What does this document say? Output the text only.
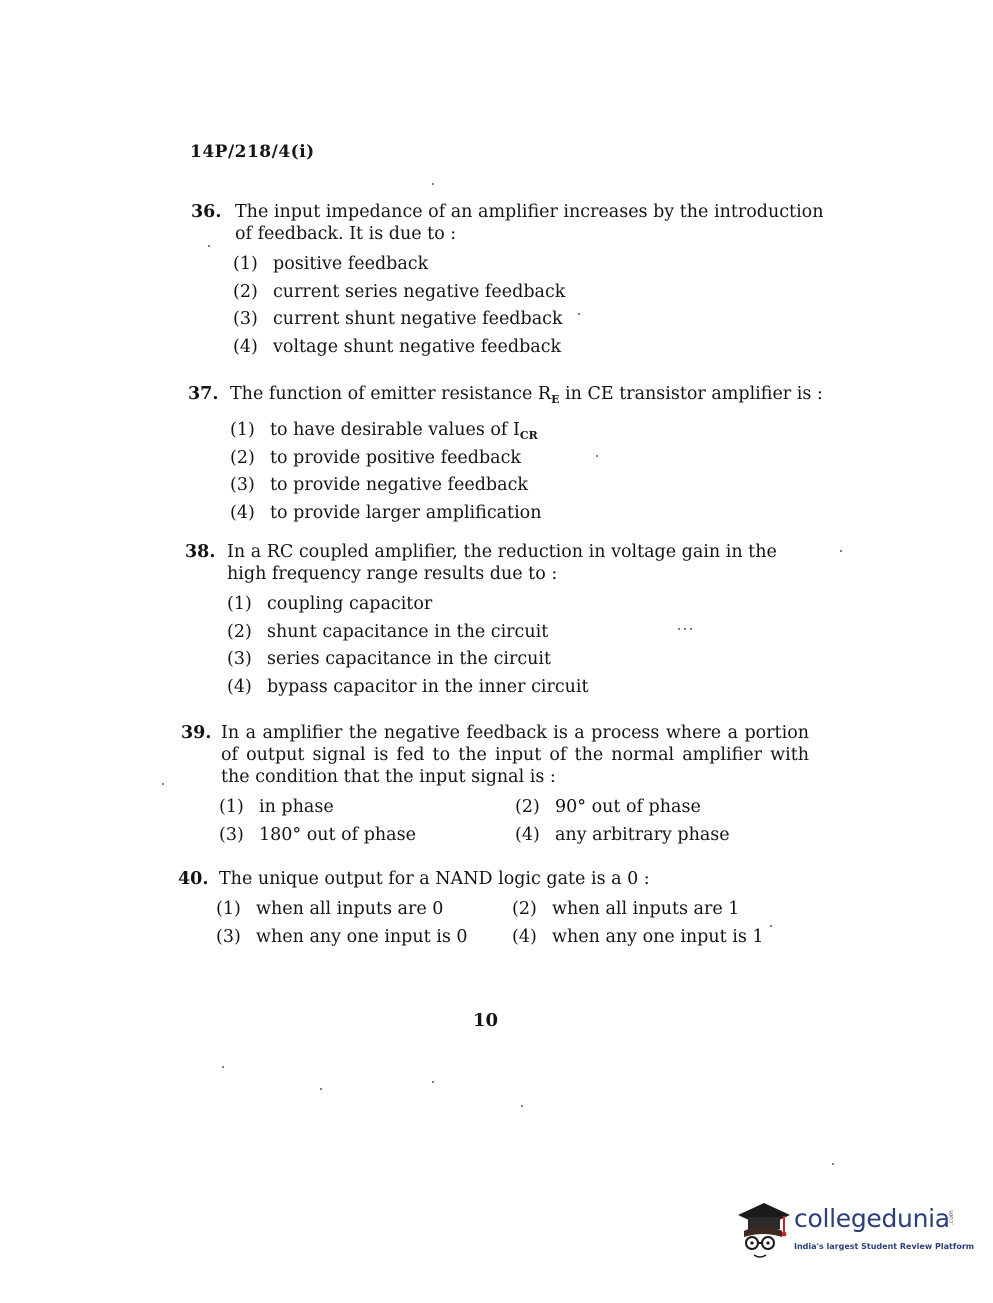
14P/218/4(i)
36. The input impedance of an amplifier increases by the introduction of feedback. It is due to :
(1) positive feedback
(2) current series negative feedback
(3) current shunt negative feedback
(4) voltage shunt negative feedback
37. The function of emitter resistance $R_E$ in CE transistor amplifier is :
(1) to have desirable values of $I_{CR}$
(2) to provide positive feedback
(3) to provide negative feedback
(4) to provide larger amplification
38. In a RC coupled amplifier, the reduction in voltage gain in the high frequency range results due to :
(1) coupling capacitor
(2) shunt capacitance in the circuit
(3) series capacitance in the circuit
(4) bypass capacitor in the inner circuit
39. In a amplifier the negative feedback is a process where a portion of output signal is fed to the input of the normal amplifier with the condition that the input signal is :
(1) in phase	(2) 90° out of phase
(3) 180° out of phase	(4) any arbitrary phase
40. The unique output for a NAND logic gate is a 0 :
(1) when all inputs are 0	(2) when all inputs are 1
(3) when any one input is 0	(4) when any one input is 1
10
collegedunia
.com
India's largest Student Review Platform
